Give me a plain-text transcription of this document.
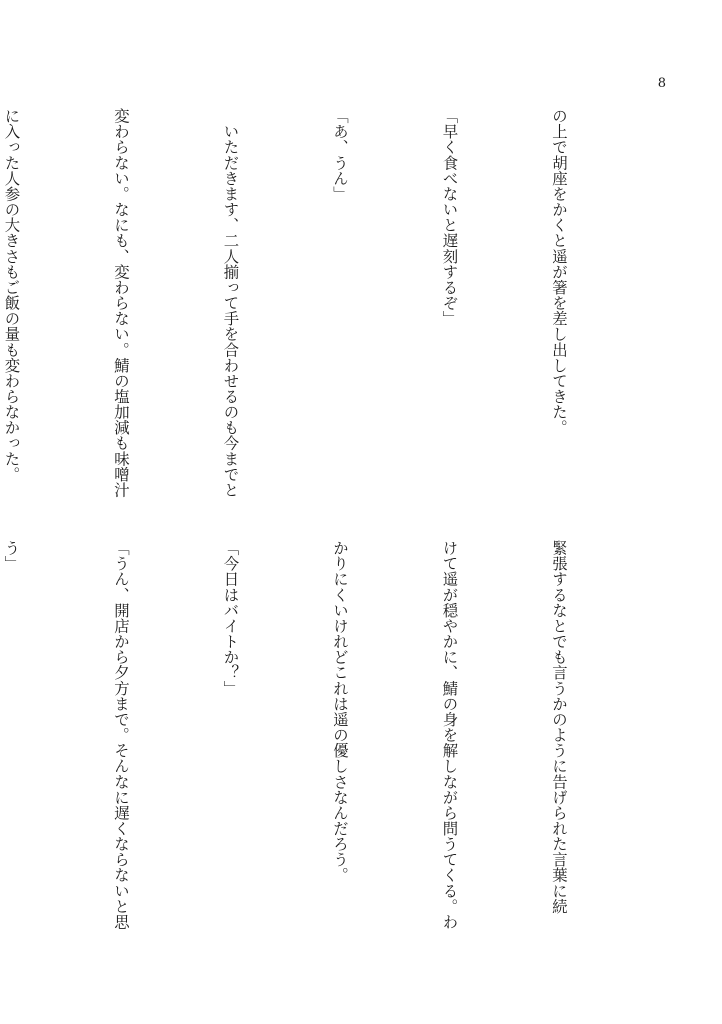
8

の上で胡座をかくと遥が箸を差し出してきた。

「早く食べないと遅刻するぞ」

「あ、うん」

　いただきます、二人揃って手を合わせるのも今までと

変わらない。なにも、変わらない。鯖の塩加減も味噌汁

に入った人参の大きさもご飯の量も変わらなかった。

緊張するなとでも言うかのように告げられた言葉に続

けて遥が穏やかに、鯖の身を解しながら問うてくる。わ

かりにくいけれどこれは遥の優しさなんだろう。

「今日はバイトか？」

「うん、開店から夕方まで。そんなに遅くならないと思

う」
